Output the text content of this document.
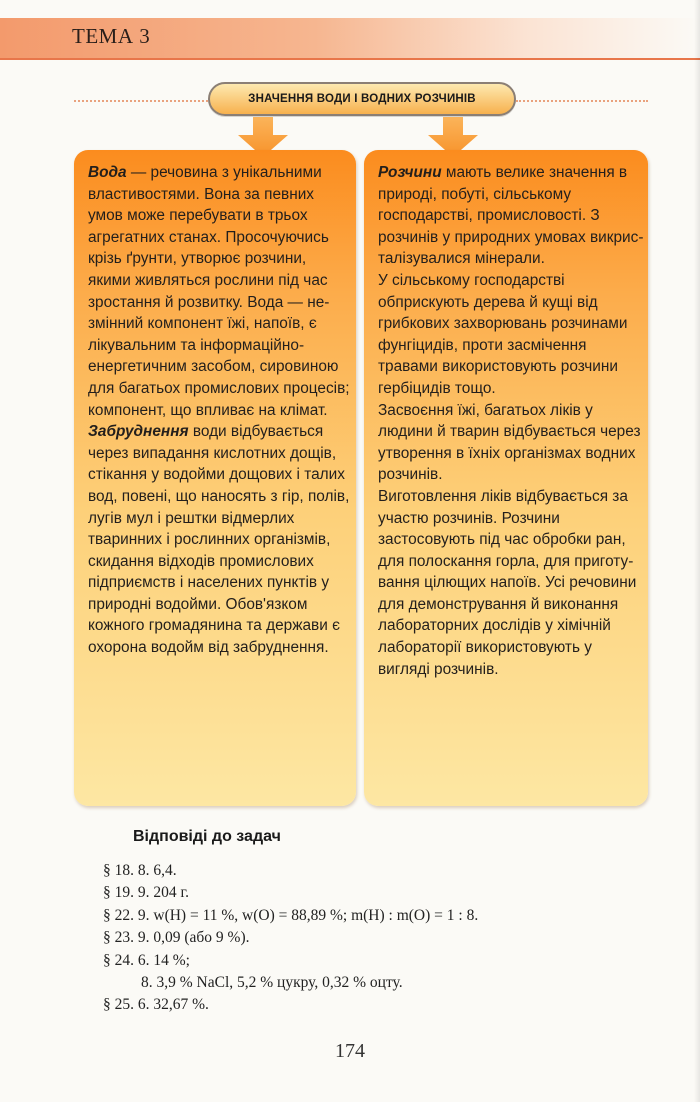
ТЕМА 3
ЗНАЧЕННЯ ВОДИ І ВОДНИХ РОЗЧИНІВ

Вода — речовина з унікальними властивостями. Вона за певних умов може перебувати в трьох агрегатних станах. Просочуючись крізь ґрунти, утворює розчини, якими живляться рослини під час зростання й розвитку. Вода — незмінний компонент їжі, напоїв, є лікувальним та інформаційно-енергетичним засобом, сировиною для багатьох промислових процесів; компонент, що впливає на клімат.

Забруднення води відбувається через випадання кислотних дощів, стікання у водойми дощових і талих вод, повені, що наносять з гір, полів, лугів мул і рештки відмерлих тваринних і рослинних організмів, скидання відходів промислових підприємств і населених пунктів у природні водойми. Обов'язком кожного громадянина та держави є охорона водойм від забруднення.

Розчини мають велике значення в природі, побуті, сільському господарстві, промисловості. З розчинів у природних умовах викристалізувалися мінерали.

У сільському господарстві обприскують дерева й кущі від грибкових захворювань розчинами фунгіцидів, проти засмічення травами використовують розчини гербіцидів тощо.

Засвоєння їжі, багатьох ліків у людини й тварин відбувається через утворення в їхніх організмах водних розчинів.

Виготовлення ліків відбувається за участю розчинів. Розчини застосовують під час обробки ран, для полоскання горла, для приготування цілющих напоїв. Усі речовини для демонстрування й виконання лабораторних дослідів у хімічній лабораторії використовують у вигляді розчинів.

Відповіді до задач
§ 18. 8. 6,4.
§ 19. 9. 204 г.
§ 22. 9. w(H) = 11 %, w(O) = 88,89 %; m(H) : m(O) = 1 : 8.
§ 23. 9. 0,09 (або 9 %).
§ 24. 6. 14 %;
8. 3,9 % NaCl, 5,2 % цукру, 0,32 % оцту.
§ 25. 6. 32,67 %.
174
